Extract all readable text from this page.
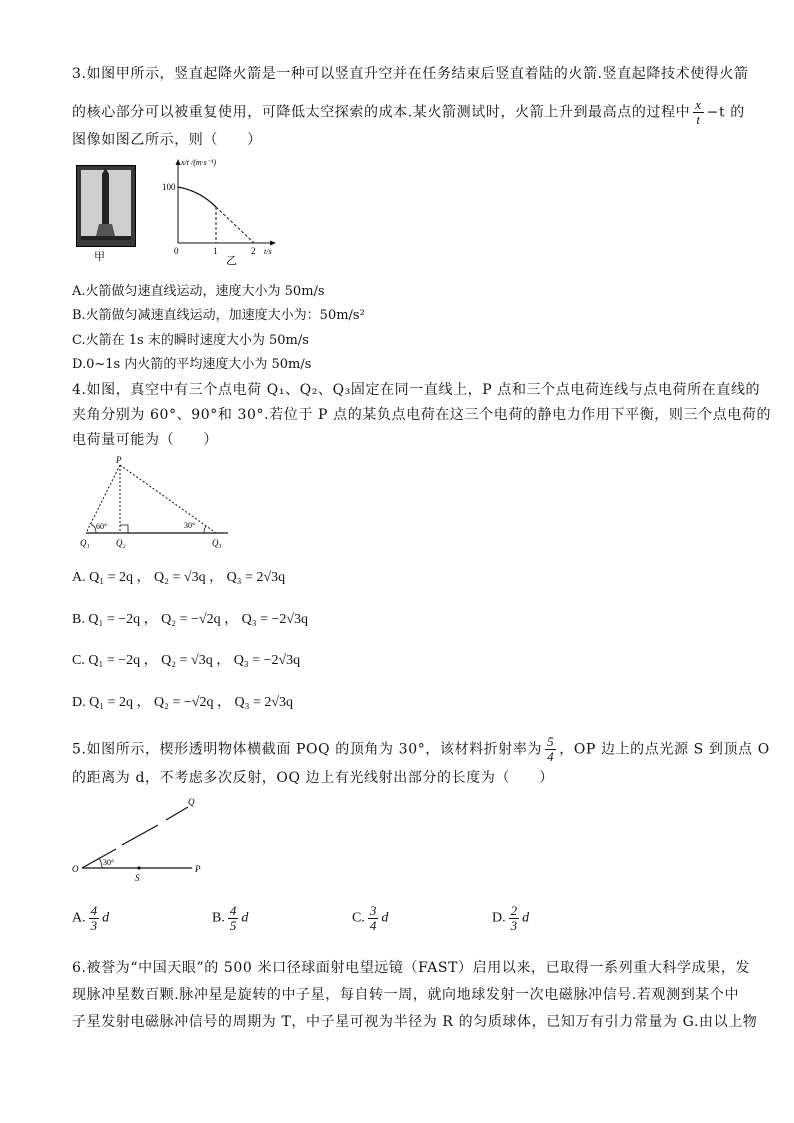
3.如图甲所示，竖直起降火箭是一种可以竖直升空并在任务结束后竖直着陆的火箭.竖直起降技术使得火箭
的核心部分可以被重复使用，可降低太空探索的成本.某火箭测试时，火箭上升到最高点的过程中 $\frac{x}{t} -t$ 的
图像如图乙所示，则（　　）
甲
x/t /(m·s⁻¹)
100
0	1	2 t/s
乙
A.火箭做匀速直线运动，速度大小为 50m/s
B.火箭做匀减速直线运动，加速度大小为：50m/s²
C.火箭在 1s 末的瞬时速度大小为 50m/s
D.0~1s 内火箭的平均速度大小为 50m/s
4.如图，真空中有三个点电荷 Q₁、Q₂、Q₃固定在同一直线上，P 点和三个点电荷连线与点电荷所在直线的
夹角分别为 60°、90°和 30°.若位于 P 点的某负点电荷在这三个电荷的静电力作用下平衡，则三个点电荷的
电荷量可能为（　　）
P
60°	30°
Q₁	Q₂	Q₃
A. Q₁ = 2q ， Q₂ = √3q ， Q₃ = 2√3q
B. Q₁ = −2q ， Q₂ = −√2q ， Q₃ = −2√3q
C. Q₁ = −2q ， Q₂ = √3q ， Q₃ = −2√3q
D. Q₁ = 2q ， Q₂ = −√2q ， Q₃ = 2√3q
5.如图所示，楔形透明物体横截面 POQ 的顶角为 30°，该材料折射率为 $\frac{5}{4}$ ，OP 边上的点光源 S 到顶点 O
的距离为 d，不考虑多次反射，OQ 边上有光线射出部分的长度为（　　）
O	P
Q
S
30°
A. $\frac{4}{3}$ d	B. $\frac{4}{5}$ d	C. $\frac{3}{4}$ d	D. $\frac{2}{3}$ d
6.被誉为“中国天眼”的 500 米口径球面射电望远镜（FAST）启用以来，已取得一系列重大科学成果，发
现脉冲星数百颗.脉冲星是旋转的中子星，每自转一周，就向地球发射一次电磁脉冲信号.若观测到某个中
子星发射电磁脉冲信号的周期为 T，中子星可视为半径为 R 的匀质球体，已知万有引力常量为 G.由以上物
